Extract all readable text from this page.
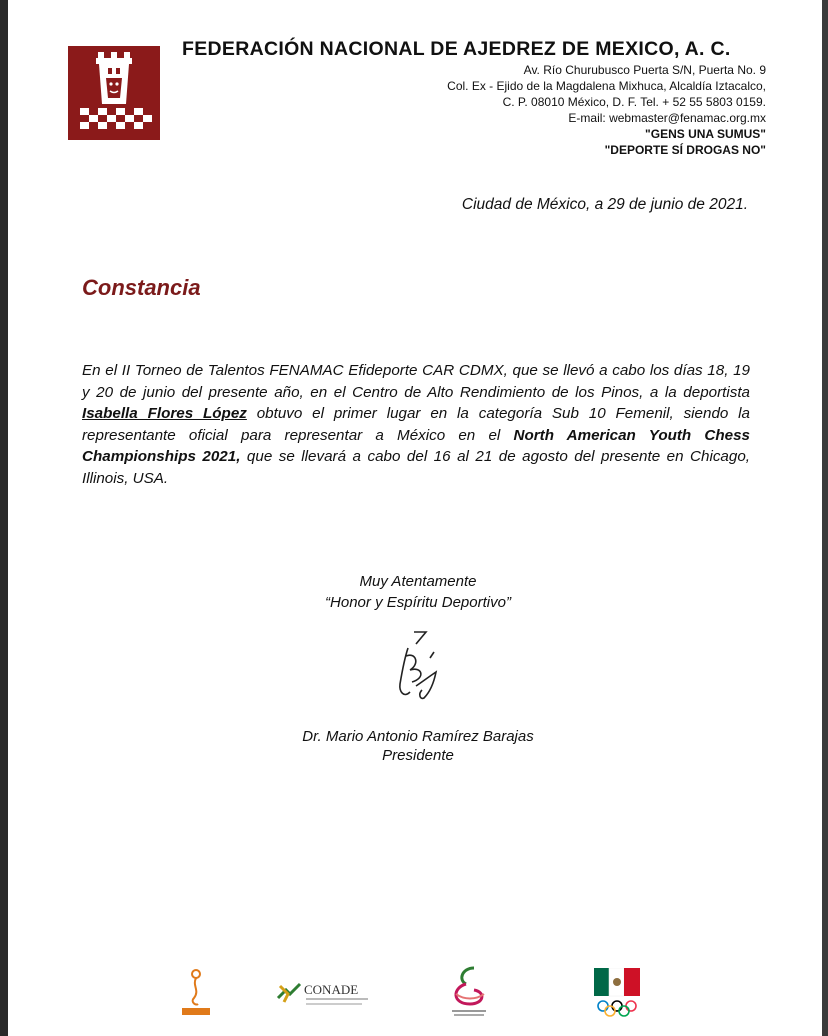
FEDERACIÓN NACIONAL DE AJEDREZ DE MEXICO, A. C.
Av. Río Churubusco Puerta S/N, Puerta No. 9
Col. Ex - Ejido de la Magdalena Mixhuca, Alcaldía Iztacalco,
C. P. 08010 México, D. F. Tel. + 52 55 5803 0159.
E-mail: webmaster@fenamac.org.mx
"GENS UNA SUMUS"
"DEPORTE SÍ DROGAS NO"
Ciudad de México, a 29 de junio de 2021.
Constancia
En el II Torneo de Talentos FENAMAC Efideporte CAR CDMX, que se llevó a cabo los días 18, 19 y 20 de junio del presente año, en el Centro de Alto Rendimiento de los Pinos, a la deportista Isabella Flores López obtuvo el primer lugar en la categoría Sub 10 Femenil, siendo la representante oficial para representar a México en el North American Youth Chess Championships 2021, que se llevará a cabo del 16 al 21 de agosto del presente en Chicago, Illinois, USA.
Muy Atentamente
“Honor y Espíritu Deportivo”
Dr. Mario Antonio Ramírez Barajas
Presidente
CONADE
